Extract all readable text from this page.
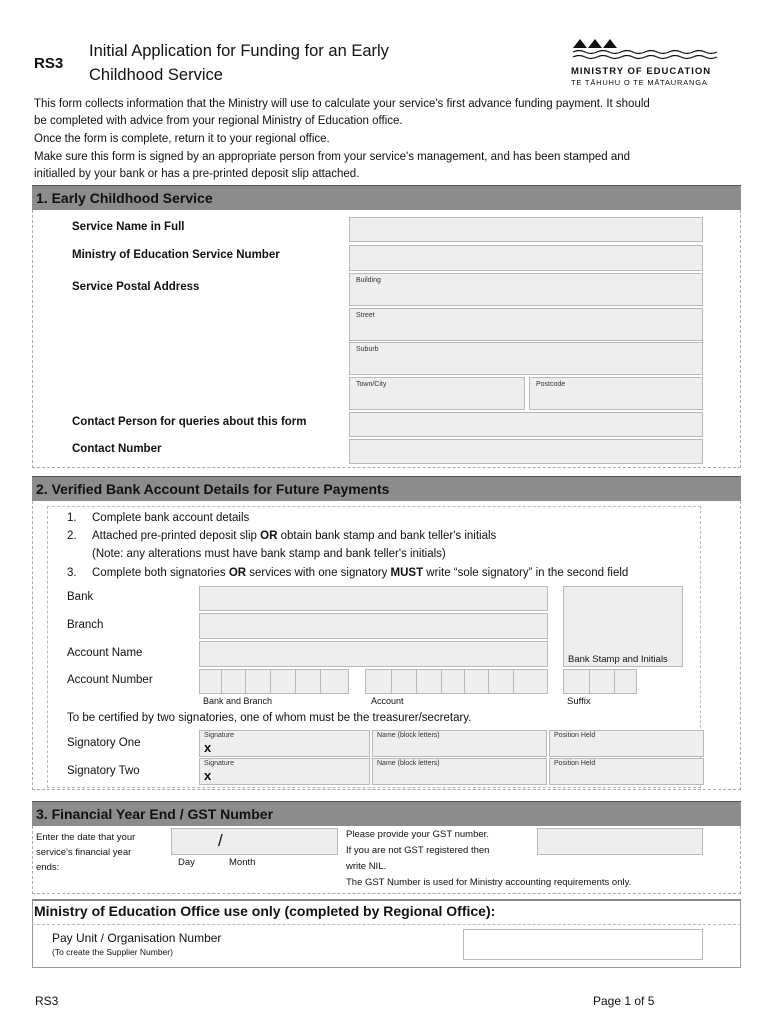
RS3
Initial Application for Funding for an Early
Childhood Service	MINISTRY OF EDUCATION
TE TĀHUHU O TE MĀTAURANGA
This form collects information that the Ministry will use to calculate your service's first advance funding payment. It should
be completed with advice from your regional Ministry of Education office.
Once the form is complete, return it to your regional office.
Make sure this form is signed by an appropriate person from your service's management, and has been stamped and
initialled by your bank or has a pre-printed deposit slip attached.
1. Early Childhood Service
Service Name in Full
Ministry of Education Service Number
Service Postal Address
Building
Street
Suburb
Town/City	Postcode
Contact Person for queries about this form
Contact Number
2. Verified Bank Account Details for Future Payments
1. Complete bank account details
2. Attached pre-printed deposit slip OR obtain bank stamp and bank teller's initials
(Note: any alterations must have bank stamp and bank teller's initials)
3. Complete both signatories OR services with one signatory MUST write “sole signatory” in the second field
Bank
Branch
Account Name
Bank Stamp and Initials
Account Number
Bank and Branch	Account	Suffix
To be certified by two signatories, one of whom must be the treasurer/secretary.
Signatory One
Signature
x
Name (block letters)	Position Held
Signatory Two
Signature
x
Name (block letters)	Position Held
3. Financial Year End / GST Number
Enter the date that your
service's financial year
ends:
/
Day	Month
Please provide your GST number.
If you are not GST registered then
write NIL.
The GST Number is used for Ministry accounting requirements only.
Ministry of Education Office use only (completed by Regional Office):
Pay Unit / Organisation Number
(To create the Supplier Number)
RS3	Page 1 of 5
